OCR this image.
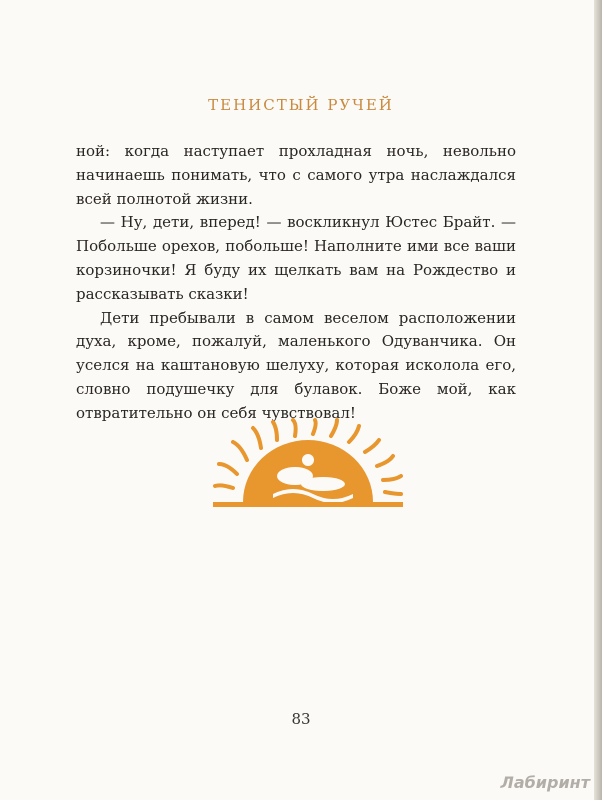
ТЕНИСТЫЙ РУЧЕЙ

ной: когда наступает прохладная ночь, невольно начинаешь понимать, что с самого утра наслаждался всей полнотой жизни.

— Ну, дети, вперед! — воскликнул Юстес Брайт. — Побольше орехов, побольше! Наполните ими все ваши корзиночки! Я буду их щелкать вам на Рождество и рассказывать сказки!

Дети пребывали в самом веселом расположении духа, кроме, пожалуй, маленького Одуванчика. Он уселся на каштановую шелуху, которая исколола его, словно подушечку для булавок. Боже мой, как отвратительно он себя чувствовал!

83
Лабиринт
